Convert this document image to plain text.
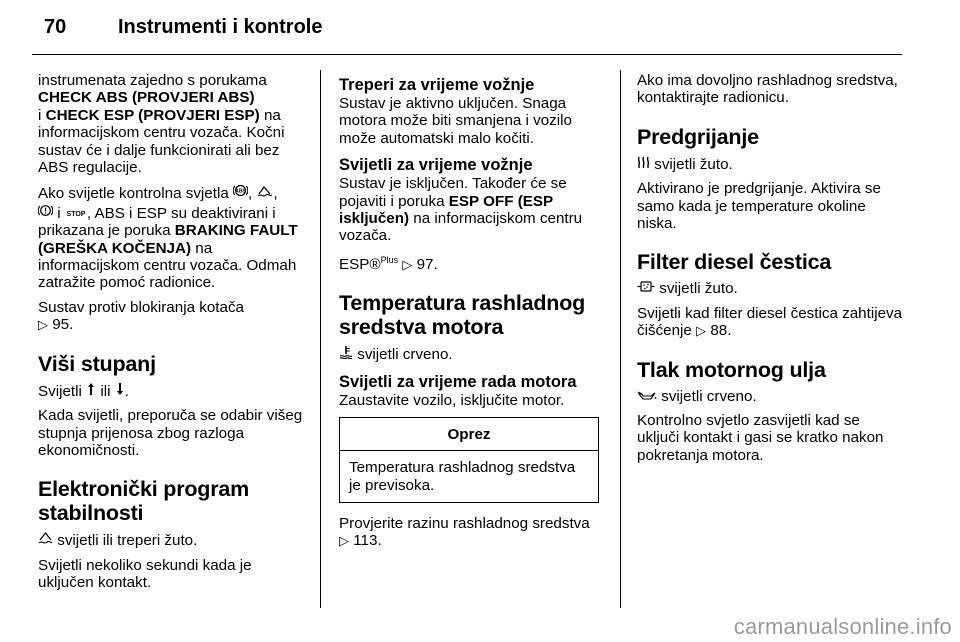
70	Instrumenti i kontrole

instrumenata zajedno s porukama
CHECK ABS (PROVJERI ABS)
i CHECK ESP (PROVJERI ESP) na informacijskom centru vozača. Kočni sustav će i dalje funkcionirati ali bez ABS regulacije.

Ako svijetle kontrolna svjetla ABS , ,
i STOP , ABS i ESP su deaktivirani i prikazana je poruka BRAKING FAULT (GREŠKA KOČENJA) na informacijskom centru vozača. Odmah zatražite pomoć radionice.

Sustav protiv blokiranja kotača
▷ 95.

Viši stupanj

Svijetli ili .

Kada svijetli, preporuča se odabir višeg stupnja prijenosa zbog razloga ekonomičnosti.

Elektronički program stabilnosti

svijetli ili treperi žuto.

Svijetli nekoliko sekundi kada je uključen kontakt.

Treperi za vrijeme vožnje

Sustav je aktivno uključen. Snaga motora može biti smanjena i vozilo može automatski malo kočiti.

Svijetli za vrijeme vožnje

Sustav je isključen. Također će se pojaviti i poruka ESP OFF (ESP isključen) na informacijskom centru vozača.

ESP®$^{Plus}$ ▷ 97.

Temperatura rashladnog sredstva motora

svijetli crveno.

Svijetli za vrijeme rada motora

Zaustavite vozilo, isključite motor.

Oprez
Temperatura rashladnog sredstva je previsoka.

Provjerite razinu rashladnog sredstva
▷ 113.

Ako ima dovoljno rashladnog sredstva, kontaktirajte radionicu.

Predgrijanje

svijetli žuto.

Aktivirano je predgrijanje. Aktivira se samo kada je temperature okoline niska.

Filter diesel čestica

svijetli žuto.

Svijetli kad filter diesel čestica zahtijeva čišćenje ▷ 88.

Tlak motornog ulja

svijetli crveno.

Kontrolno svjetlo zasvijetli kad se uključi kontakt i gasi se kratko nakon pokretanja motora.

carmanualsonline.info
